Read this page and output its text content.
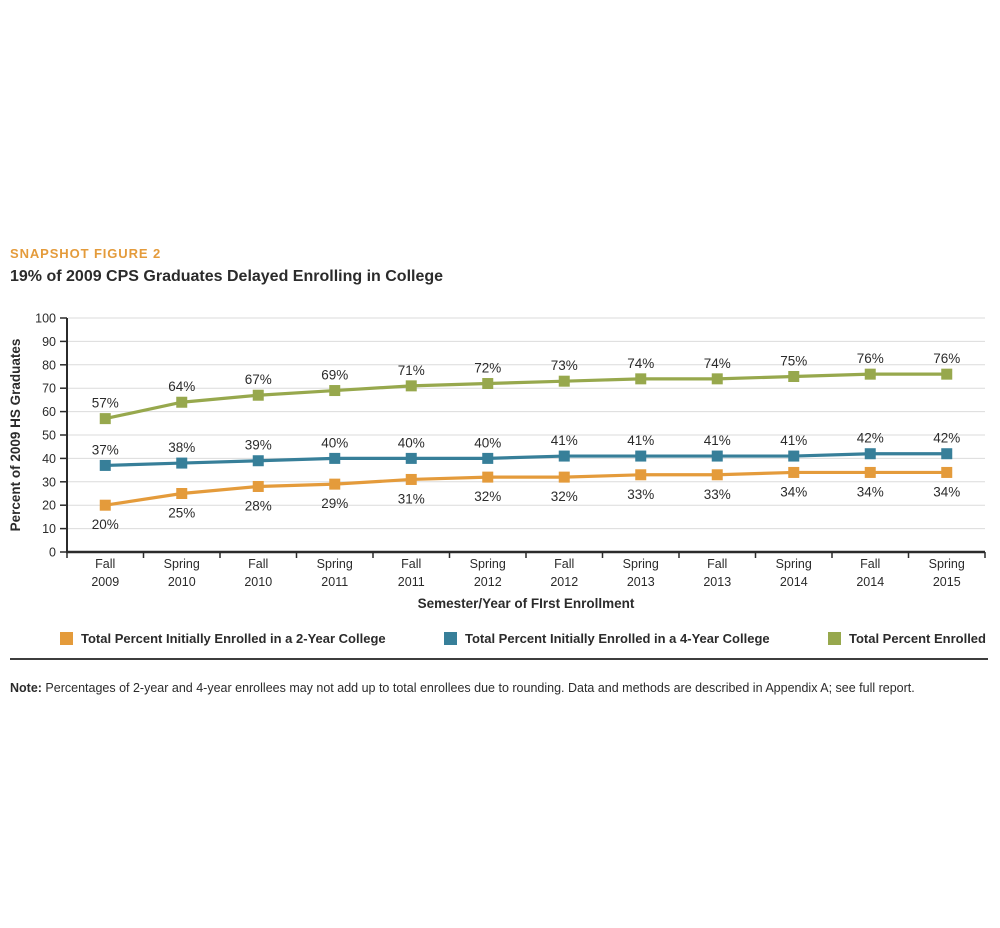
SNAPSHOT FIGURE 2
19% of 2009 CPS Graduates Delayed Enrolling in College
0
10
20
30
40
50
60
70
80
90
100
Fall 2009
Spring 2010
Fall 2010
Spring 2011
Fall 2011
Spring 2012
Fall 2012
Spring 2013
Fall 2013
Spring 2014
Fall 2014
Spring 2015
Semester/Year of FIrst Enrollment
Percent of 2009 HS Graduates	20%
25%	28%	29%	31%	32%	32%	33%	33%	34%	34%	34%
37%	38%	39%	40%	40%	40%	41%	41%	41%	41%	42%	42%
57%
64%	67%	69%	71%	72%	73%	74%	74%	75%	76%	76%
Total Percent Initially Enrolled in a 2-Year College	Total Percent Initially Enrolled in a 4-Year College	Total Percent Enrolled

Note: Percentages of 2-year and 4-year enrollees may not add up to total enrollees due to rounding. Data and methods are described in Appendix A; see full report.
